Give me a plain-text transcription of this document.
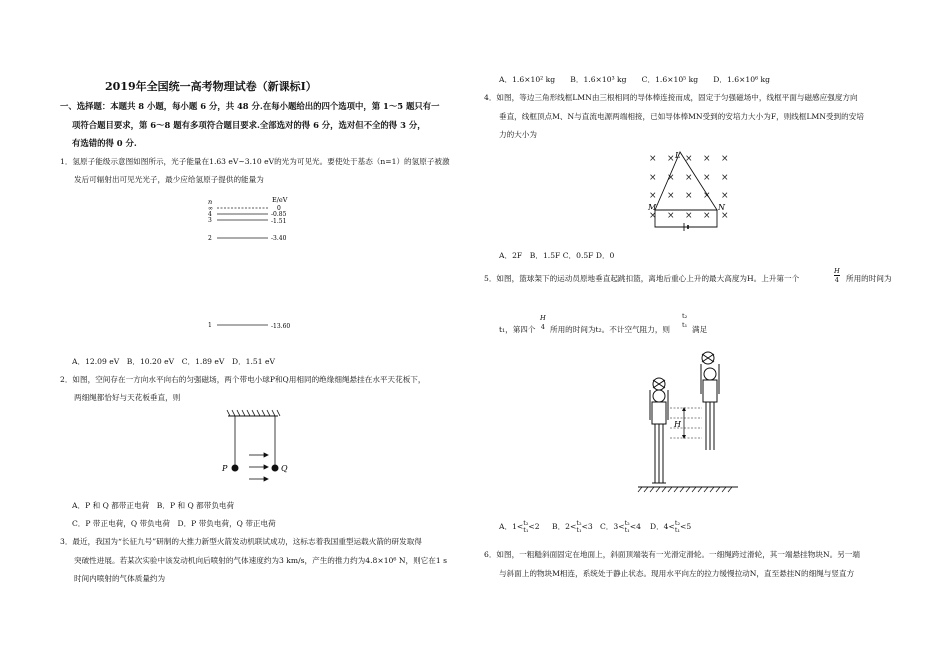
2019年全国统一高考物理试卷（新课标Ⅰ）
一、选择题：本题共 8 小题，每小题 6 分，共 48 分.在每小题给出的四个选项中，第 1～5 题只有一
项符合题目要求，第 6～8 题有多项符合题目要求.全部选对的得 6 分，选对但不全的得 3 分，
有选错的得 0 分.
1．氢原子能级示意图如图所示，光子能量在1.63 eV~3.10 eV的光为可见光。要使处于基态（n=1）的氢原子被激
发后可辐射出可见光光子，最少应给氢原子提供的能量为
n	E/eV
∞
4
3
2
1
0
-0.85
-1.51
-3.40
-13.60
A．12.09 eV　B．10.20 eV　C．1.89 eV　D．1.51 eV
2．如图，空间存在一方向水平向右的匀强磁场，两个带电小球P和Q用相同的绝缘细绳悬挂在水平天花板下，
两细绳都恰好与天花板垂直，则
P	Q
A．P 和 Q 都带正电荷　B．P 和 Q 都带负电荷
C．P 带正电荷，Q 带负电荷　D．P 带负电荷，Q 带正电荷
3．最近，我国为“长征九号”研制的大推力新型火箭发动机联试成功，这标志着我国重型运载火箭的研发取得
突破性进展。若某次实验中该发动机向后喷射的气体速度约为3 km/s，产生的推力约为4.8×10⁶ N，则它在1 s
时间内喷射的气体质量约为
A．1.6×10² kg　　B．1.6×10³ kg　　C．1.6×10⁵ kg　　D．1.6×10⁶ kg
4．如图，等边三角形线框LMN由三根相同的导体棒连接而成，固定于匀强磁场中，线框平面与磁感应强度方向
垂直，线框顶点M、N与直流电源两端相接，已如导体棒MN受到的安培力大小为F，则线框LMN受到的安培
力的大小为
× × × × ×
× × × × ×
× × × × ×
× × × × ×
L
M	N
A．2F　B．1.5F C．0.5F D．0
5．如图，篮球架下的运动员原地垂直起跳扣篮，离地后重心上升的最大高度为H。上升第一个	$\frac{H}{4}$ 所用的时间为
t₁，第四个
H
4 所用的时间为t₂。不计空气阻力，则
t₂
t₁ 满足
H
A．1< t₂
t₁ <2 B．2< t₂
t₁ <3 C．3< t₂
t₁ <4 D．4< t₂
t₁ <5
6．如图，一粗糙斜面固定在地面上，斜面顶端装有一光滑定滑轮。一细绳跨过滑轮，其一端悬挂物块N。另一端
与斜面上的物块M相连，系统处于静止状态。现用水平向左的拉力缓慢拉动N，直至悬挂N的细绳与竖直方
